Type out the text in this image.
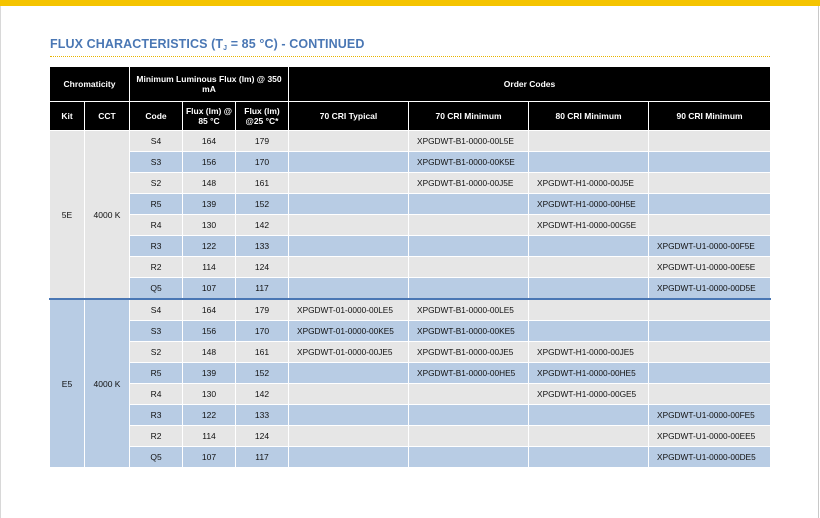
FLUX CHARACTERISTICS ($T_J = 85$ °C) - CONTINUED
Chromaticity		Minimum Luminous Flux (lm) @ 350 mA			Order Codes			
Kit	CCT	Code	Flux (lm) @ 85 °C	Flux (lm) @25 °C*	70 CRI Typical	70 CRI Minimum	80 CRI Minimum	90 CRI Minimum
5E	4000 K	S4	164	179		XPGDWT-B1-0000-00L5E		
		S3	156	170		XPGDWT-B1-0000-00K5E		
		S2	148	161		XPGDWT-B1-0000-00J5E	XPGDWT-H1-0000-00J5E	
		R5	139	152			XPGDWT-H1-0000-00H5E	
		R4	130	142			XPGDWT-H1-0000-00G5E	
		R3	122	133				XPGDWT-U1-0000-00F5E
		R2	114	124				XPGDWT-U1-0000-00E5E
		Q5	107	117				XPGDWT-U1-0000-00D5E
E5	4000 K	S4	164	179	XPGDWT-01-0000-00LE5	XPGDWT-B1-0000-00LE5		
		S3	156	170	XPGDWT-01-0000-00KE5	XPGDWT-B1-0000-00KE5		
		S2	148	161	XPGDWT-01-0000-00JE5	XPGDWT-B1-0000-00JE5	XPGDWT-H1-0000-00JE5	
		R5	139	152		XPGDWT-B1-0000-00HE5	XPGDWT-H1-0000-00HE5	
		R4	130	142			XPGDWT-H1-0000-00GE5	
		R3	122	133				XPGDWT-U1-0000-00FE5
		R2	114	124				XPGDWT-U1-0000-00EE5
		Q5	107	117				XPGDWT-U1-0000-00DE5
